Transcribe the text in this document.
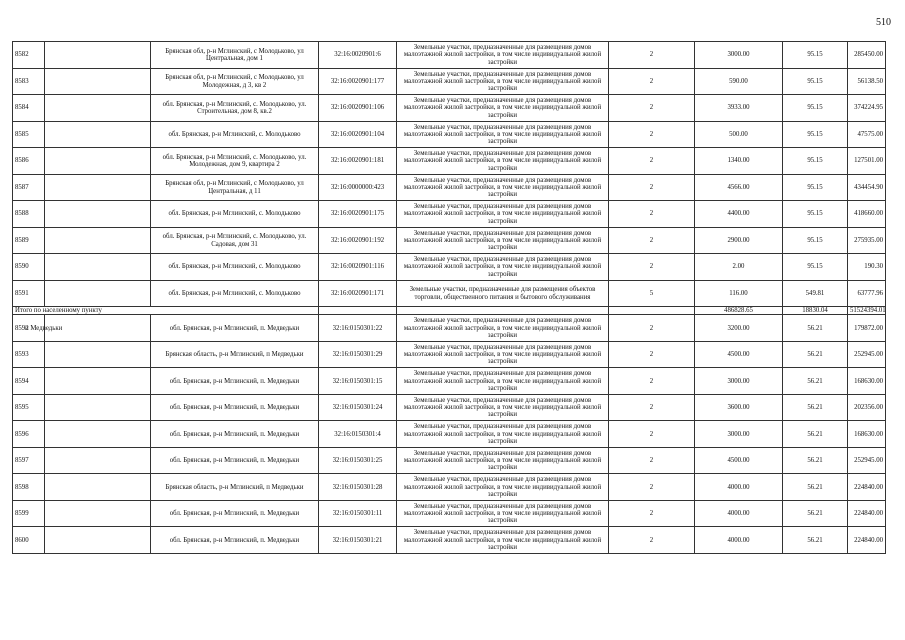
510
8582		Брянская обл, р-н Мглинский, с Молодьково, ул Центральная, дом 1	32:16:0020901:6	Земельные участки, предназначенные для размещения домов малоэтажной жилой застройки, в том числе индивидуальной жилой застройки	2	3000.00	95.15	285450.00
8583		Брянская обл, р-н Мглинский, с Молодьково, ул Молодежная, д 3, кв 2	32:16:0020901:177	Земельные участки, предназначенные для размещения домов малоэтажной жилой застройки, в том числе индивидуальной жилой застройки	2	590.00	95.15	56138.50
8584		обл. Брянская, р-н Мглинский, с. Молодьково, ул. Строительная, дом 8, кв.2	32:16:0020901:106	Земельные участки, предназначенные для размещения домов малоэтажной жилой застройки, в том числе индивидуальной жилой застройки	2	3933.00	95.15	374224.95
8585		обл. Брянская, р-н Мглинский, с. Молодьково	32:16:0020901:104	Земельные участки, предназначенные для размещения домов малоэтажной жилой застройки, в том числе индивидуальной жилой застройки	2	500.00	95.15	47575.00
8586		обл. Брянская, р-н Мглинский, с. Молодьково, ул. Молодежная, дом 9, квартира 2	32:16:0020901:181	Земельные участки, предназначенные для размещения домов малоэтажной жилой застройки, в том числе индивидуальной жилой застройки	2	1340.00	95.15	127501.00
8587		Брянская обл, р-н Мглинский, с Молодьково, ул Центральная, д 11	32:16:0000000:423	Земельные участки, предназначенные для размещения домов малоэтажной жилой застройки, в том числе индивидуальной жилой застройки	2	4566.00	95.15	434454.90
8588		обл. Брянская, р-н Мглинский, с. Молодьково	32:16:0020901:175	Земельные участки, предназначенные для размещения домов малоэтажной жилой застройки, в том числе индивидуальной жилой застройки	2	4400.00	95.15	418660.00
8589		обл. Брянская, р-н Мглинский, с. Молодьково, ул. Садовая, дом 31	32:16:0020901:192	Земельные участки, предназначенные для размещения домов малоэтажной жилой застройки, в том числе индивидуальной жилой застройки	2	2900.00	95.15	275935.00
8590		обл. Брянская, р-н Мглинский, с. Молодьково	32:16:0020901:116	Земельные участки, предназначенные для размещения домов малоэтажной жилой застройки, в том числе индивидуальной жилой застройки	2	2.00	95.15	190.30
8591		обл. Брянская, р-н Мглинский, с. Молодьково	32:16:0020901:171	Земельные участки, предназначенные для размещения объектов торговли, общественного питания и бытового обслуживания	5	116.00	549.81	63777.96
Итого по населенному пункту						486828.65	18830.04	51524394.01
8592	п Медведьки	обл. Брянская, р-н Мглинский, п. Медведьки	32:16:0150301:22	Земельные участки, предназначенные для размещения домов малоэтажной жилой застройки, в том числе индивидуальной жилой застройки	2	3200.00	56.21	179872.00
8593		Брянская область, р-н Мглинский, п Медведьки	32:16:0150301:29	Земельные участки, предназначенные для размещения домов малоэтажной жилой застройки, в том числе индивидуальной жилой застройки	2	4500.00	56.21	252945.00
8594		обл. Брянская, р-н Мглинский, п. Медведьки	32:16:0150301:15	Земельные участки, предназначенные для размещения домов малоэтажной жилой застройки, в том числе индивидуальной жилой застройки	2	3000.00	56.21	168630.00
8595		обл. Брянская, р-н Мглинский, п. Медведьки	32:16:0150301:24	Земельные участки, предназначенные для размещения домов малоэтажной жилой застройки, в том числе индивидуальной жилой застройки	2	3600.00	56.21	202356.00
8596		обл. Брянская, р-н Мглинский, п. Медведьки	32:16:0150301:4	Земельные участки, предназначенные для размещения домов малоэтажной жилой застройки, в том числе индивидуальной жилой застройки	2	3000.00	56.21	168630.00
8597		обл. Брянская, р-н Мглинский, п. Медведьки	32:16:0150301:25	Земельные участки, предназначенные для размещения домов малоэтажной жилой застройки, в том числе индивидуальной жилой застройки	2	4500.00	56.21	252945.00
8598		Брянская область, р-н Мглинский, п Медведьки	32:16:0150301:28	Земельные участки, предназначенные для размещения домов малоэтажной жилой застройки, в том числе индивидуальной жилой застройки	2	4000.00	56.21	224840.00
8599		обл. Брянская, р-н Мглинский, п. Медведьки	32:16:0150301:11	Земельные участки, предназначенные для размещения домов малоэтажной жилой застройки, в том числе индивидуальной жилой застройки	2	4000.00	56.21	224840.00
8600		обл. Брянская, р-н Мглинский, п. Медведьки	32:16:0150301:21	Земельные участки, предназначенные для размещения домов малоэтажной жилой застройки, в том числе индивидуальной жилой застройки	2	4000.00	56.21	224840.00
